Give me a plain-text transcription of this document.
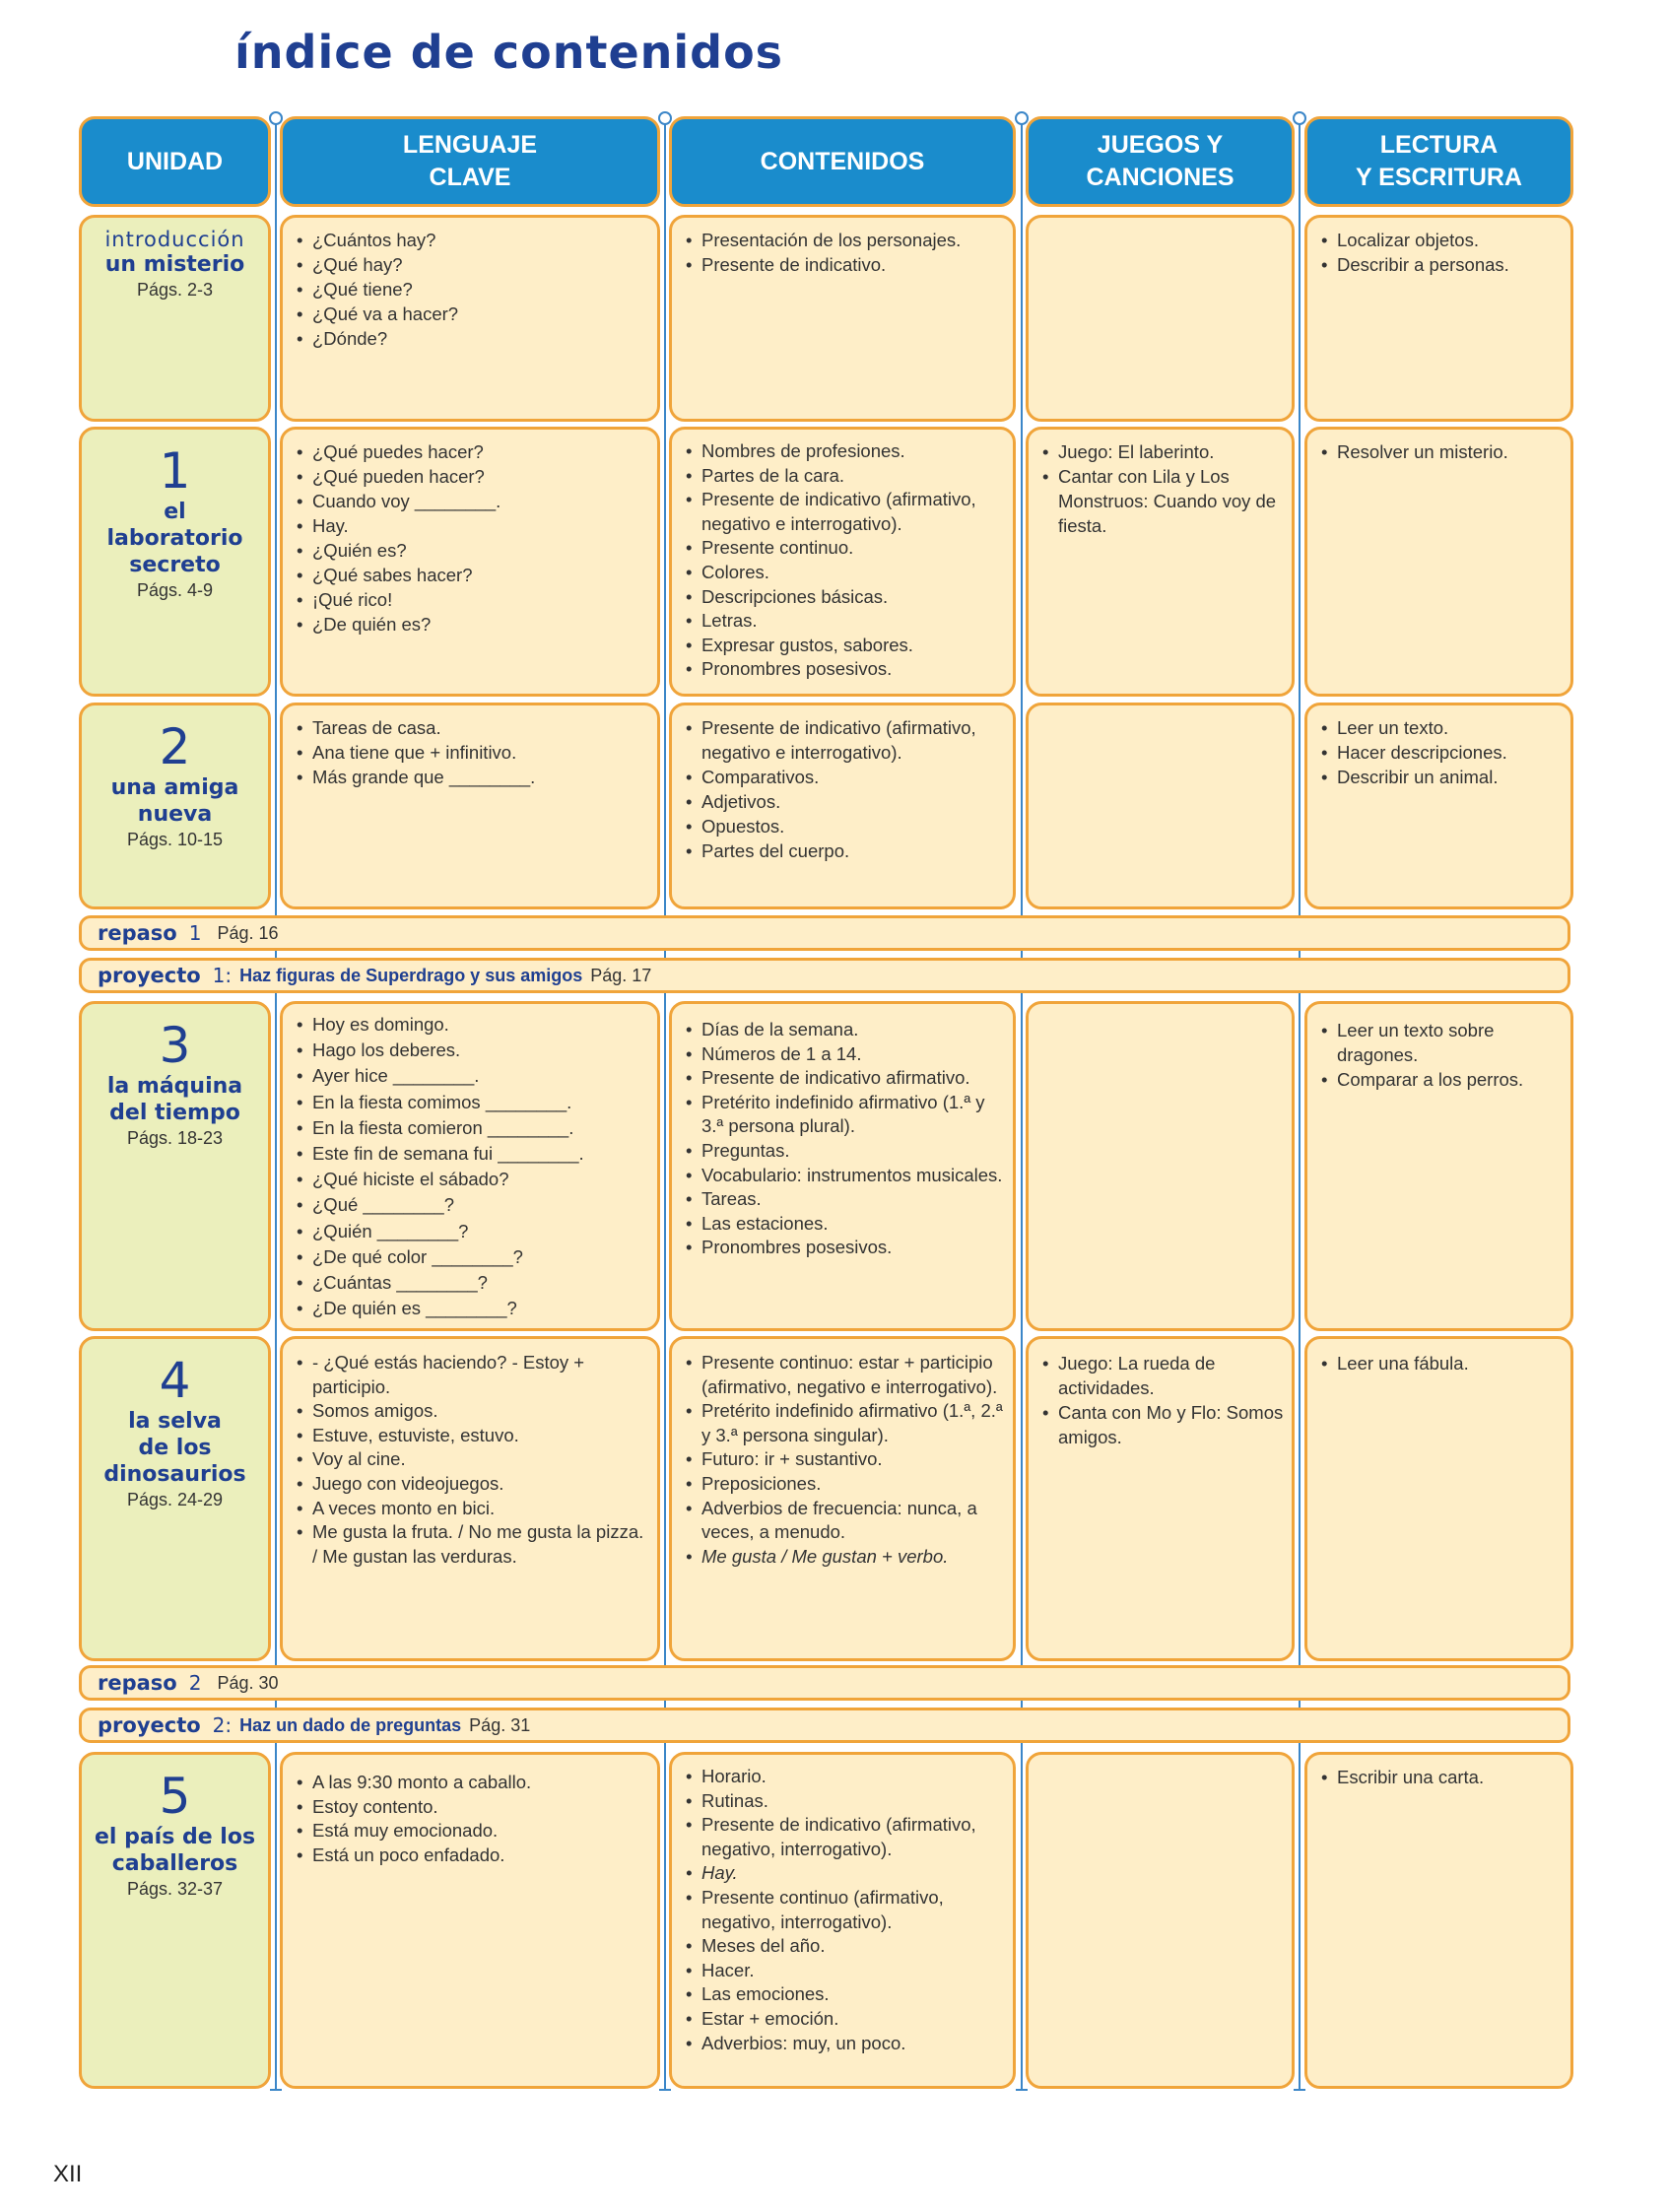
índice de contenidos
UNIDAD
LENGUAJE
CLAVE
CONTENIDOS
JUEGOS Y
CANCIONES
LECTURA
Y ESCRITURA
introducción
un misterio
Págs. 2-3
• ¿Cuántos hay?
• ¿Qué hay?
• ¿Qué tiene?
• ¿Qué va a hacer?
• ¿Dónde?
• Presentación de los personajes.
• Presente de indicativo.
• Localizar objetos.
• Describir a personas.
1
el
laboratorio
secreto
Págs. 4-9
• ¿Qué puedes hacer?
• ¿Qué pueden hacer?
• Cuando voy ________.
• Hay.
• ¿Quién es?
• ¿Qué sabes hacer?
• ¡Qué rico!
• ¿De quién es?
• Nombres de profesiones.
• Partes de la cara.
• Presente de indicativo (afirmativo, negativo e interrogativo).
• Presente continuo.
• Colores.
• Descripciones básicas.
• Letras.
• Expresar gustos, sabores.
• Pronombres posesivos.
• Juego: El laberinto.
• Cantar con Lila y Los Monstruos: Cuando voy de fiesta.
• Resolver un misterio.
2
una amiga
nueva
Págs. 10-15
• Tareas de casa.
• Ana tiene que + infinitivo.
• Más grande que ________.
• Presente de indicativo (afirmativo, negativo e interrogativo).
• Comparativos.
• Adjetivos.
• Opuestos.
• Partes del cuerpo.
• Leer un texto.
• Hacer descripciones.
• Describir un animal.
repaso 1 Pág. 16
proyecto 1: Haz figuras de Superdrago y sus amigos Pág. 17
3
la máquina
del tiempo
Págs. 18-23
• Hoy es domingo.
• Hago los deberes.
• Ayer hice ________.
• En la fiesta comimos ________.
• En la fiesta comieron ________.
• Este fin de semana fui ________.
• ¿Qué hiciste el sábado?
• ¿Qué ________?
• ¿Quién ________?
• ¿De qué color ________?
• ¿Cuántas ________?
• ¿De quién es ________?
• Días de la semana.
• Números de 1 a 14.
• Presente de indicativo afirmativo.
• Pretérito indefinido afirmativo (1.ª y 3.ª persona plural).
• Preguntas.
• Vocabulario: instrumentos musicales.
• Tareas.
• Las estaciones.
• Pronombres posesivos.
• Leer un texto sobre dragones.
• Comparar a los perros.
4
la selva
de los
dinosaurios
Págs. 24-29
• - ¿Qué estás haciendo? - Estoy + participio.
• Somos amigos.
• Estuve, estuviste, estuvo.
• Voy al cine.
• Juego con videojuegos.
• A veces monto en bici.
• Me gusta la fruta. / No me gusta la pizza. / Me gustan las verduras.
• Presente continuo: estar + participio (afirmativo, negativo e interrogativo).
• Pretérito indefinido afirmativo (1.ª, 2.ª y 3.ª persona singular).
• Futuro: ir + sustantivo.
• Preposiciones.
• Adverbios de frecuencia: nunca, a veces, a menudo.
• Me gusta / Me gustan + verbo.
• Juego: La rueda de actividades.
• Canta con Mo y Flo: Somos amigos.
• Leer una fábula.
repaso 2 Pág. 30
proyecto 2: Haz un dado de preguntas Pág. 31
5
el país de los
caballeros
Págs. 32-37
• A las 9:30 monto a caballo.
• Estoy contento.
• Está muy emocionado.
• Está un poco enfadado.
• Horario.
• Rutinas.
• Presente de indicativo (afirmativo, negativo, interrogativo).
• Hay.
• Presente continuo (afirmativo, negativo, interrogativo).
• Meses del año.
• Hacer.
• Las emociones.
• Estar + emoción.
• Adverbios: muy, un poco.
• Escribir una carta.
XII
